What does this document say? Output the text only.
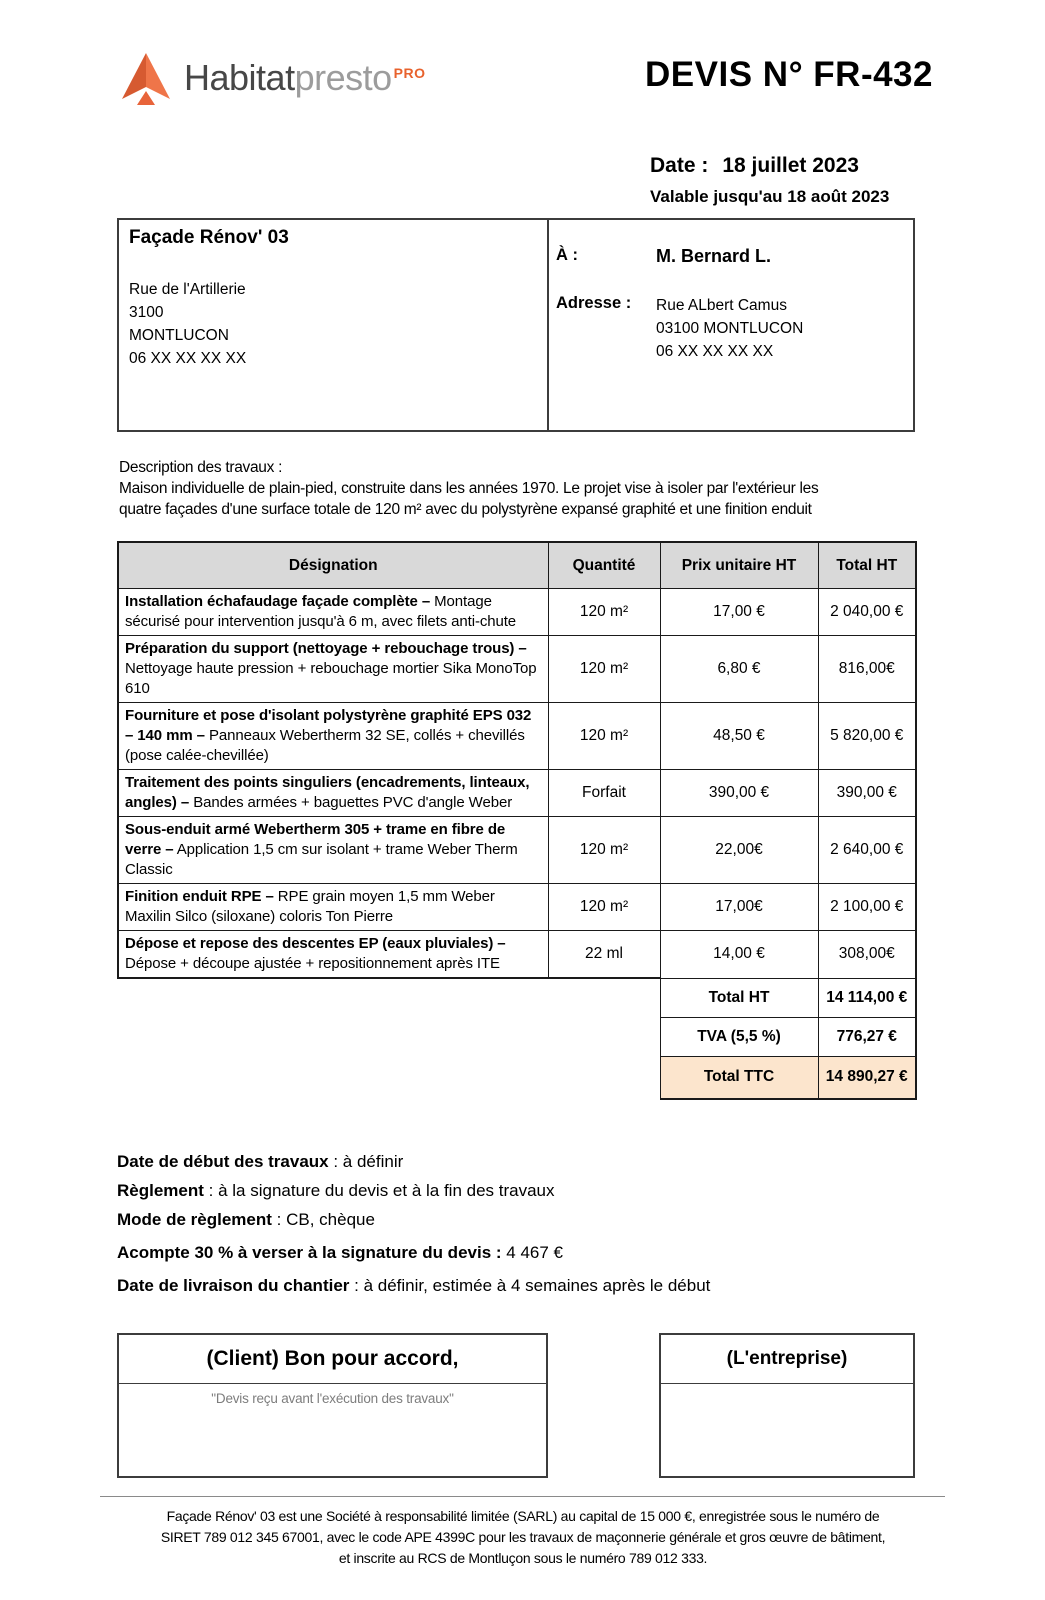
Habitatpresto $^{PRO}$	DEVIS N° FR-432
Date : 18 juillet 2023
Valable jusqu'au 18 août 2023
Façade Rénov' 03
Rue de l'Artillerie
3100
MONTLUCON
06 XX XX XX XX
À :	M. Bernard L.
Adresse :	Rue ALbert Camus
03100 MONTLUCON
06 XX XX XX XX
Description des travaux :
Maison individuelle de plain-pied, construite dans les années 1970. Le projet vise à isoler par l'extérieur les
quatre façades d'une surface totale de 120 m² avec du polystyrène expansé graphité et une finition enduit
Désignation	Quantité	Prix unitaire HT	Total HT
Installation échafaudage façade complète – Montage sécurisé pour intervention jusqu'à 6 m, avec filets anti-chute	120 m²	17,00 €	2 040,00 €
Préparation du support (nettoyage + rebouchage trous) – Nettoyage haute pression + rebouchage mortier Sika MonoTop 610	120 m²	6,80 €	816,00€
Fourniture et pose d'isolant polystyrène graphité EPS 032 – 140 mm – Panneaux Webertherm 32 SE, collés + chevillés (pose calée-chevillée)	120 m²	48,50 €	5 820,00 €
Traitement des points singuliers (encadrements, linteaux, angles) – Bandes armées + baguettes PVC d'angle Weber	Forfait	390,00 €	390,00 €
Sous-enduit armé Webertherm 305 + trame en fibre de verre – Application 1,5 cm sur isolant + trame Weber Therm Classic	120 m²	22,00€	2 640,00 €
Finition enduit RPE – RPE grain moyen 1,5 mm Weber Maxilin Silco (siloxane) coloris Ton Pierre	120 m²	17,00€	2 100,00 €
Dépose et repose des descentes EP (eaux pluviales) – Dépose + découpe ajustée + repositionnement après ITE	22 ml	14,00 €	308,00€
		Total HT	14 114,00 €
		TVA (5,5 %)	776,27 €
		Total TTC	14 890,27 €
Date de début des travaux : à définir
Règlement : à la signature du devis et à la fin des travaux
Mode de règlement : CB, chèque
Acompte 30 % à verser à la signature du devis : 4 467 €
Date de livraison du chantier : à définir, estimée à 4 semaines après le début
(Client) Bon pour accord,
"Devis reçu avant l'exécution des travaux"
(L'entreprise)
Façade Rénov' 03 est une Société à responsabilité limitée (SARL) au capital de 15 000 €, enregistrée sous le numéro de
SIRET 789 012 345 67001, avec le code APE 4399C pour les travaux de maçonnerie générale et gros œuvre de bâtiment,
et inscrite au RCS de Montluçon sous le numéro 789 012 333.
